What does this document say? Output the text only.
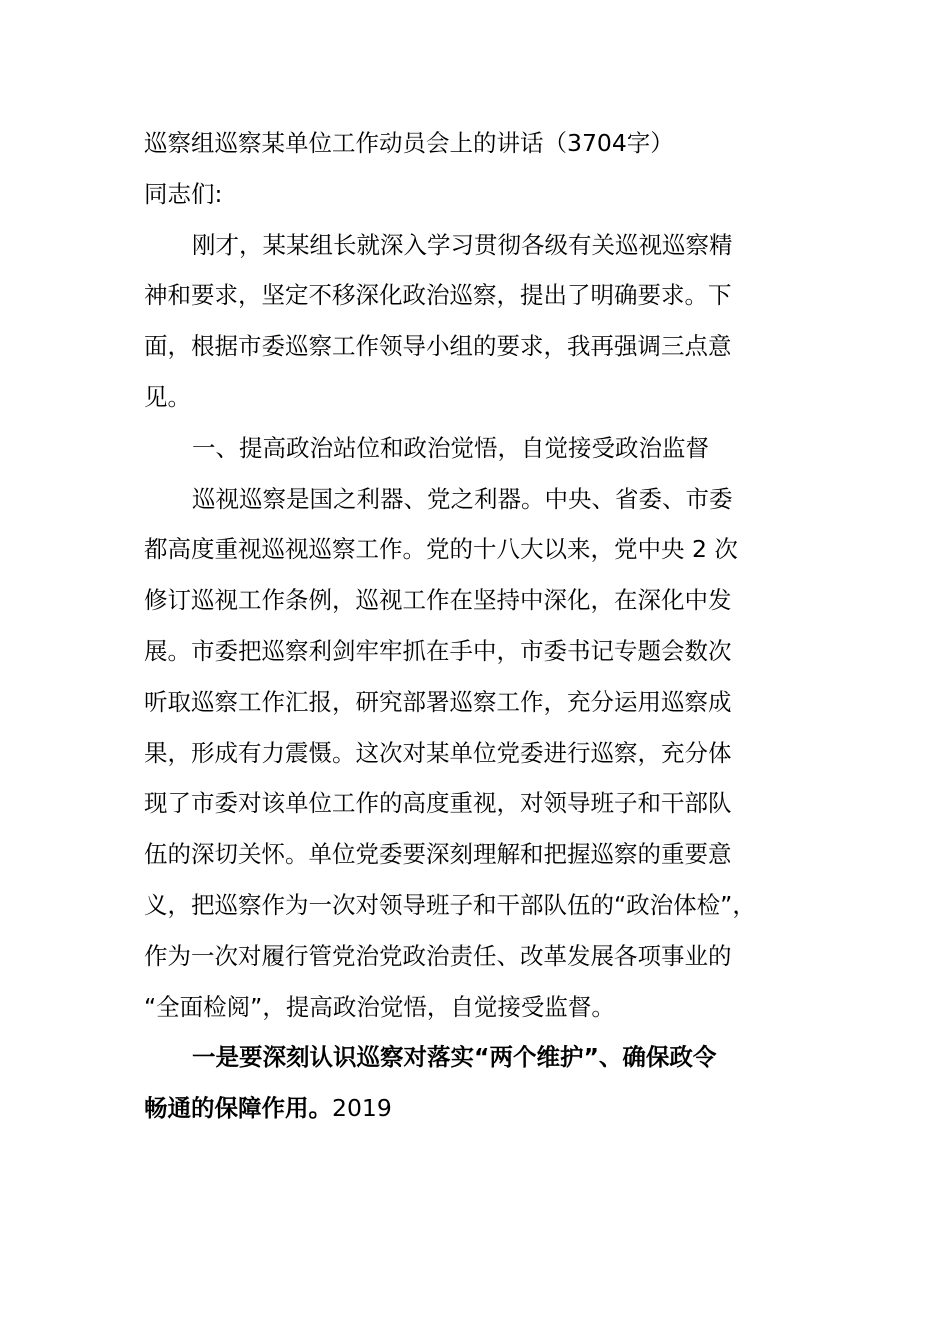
巡察组巡察某单位工作动员会上的讲话（3704字）
同志们:
刚才，某某组长就深入学习贯彻各级有关巡视巡察精
神和要求，坚定不移深化政治巡察，提出了明确要求。下
面，根据市委巡察工作领导小组的要求，我再强调三点意
见。
一、提高政治站位和政治觉悟，自觉接受政治监督
巡视巡察是国之利器、党之利器。中央、省委、市委
都高度重视巡视巡察工作。党的十八大以来，党中央 2 次
修订巡视工作条例，巡视工作在坚持中深化，在深化中发
展。市委把巡察利剑牢牢抓在手中，市委书记专题会数次
听取巡察工作汇报，研究部署巡察工作，充分运用巡察成
果，形成有力震慑。这次对某单位党委进行巡察，充分体
现了市委对该单位工作的高度重视，对领导班子和干部队
伍的深切关怀。单位党委要深刻理解和把握巡察的重要意
义，把巡察作为一次对领导班子和干部队伍的“政治体检”，
作为一次对履行管党治党政治责任、改革发展各项事业的
“全面检阅”，提高政治觉悟，自觉接受监督。
一是要深刻认识巡察对落实“两个维护”、确保政令
畅通的保障作用。2019
